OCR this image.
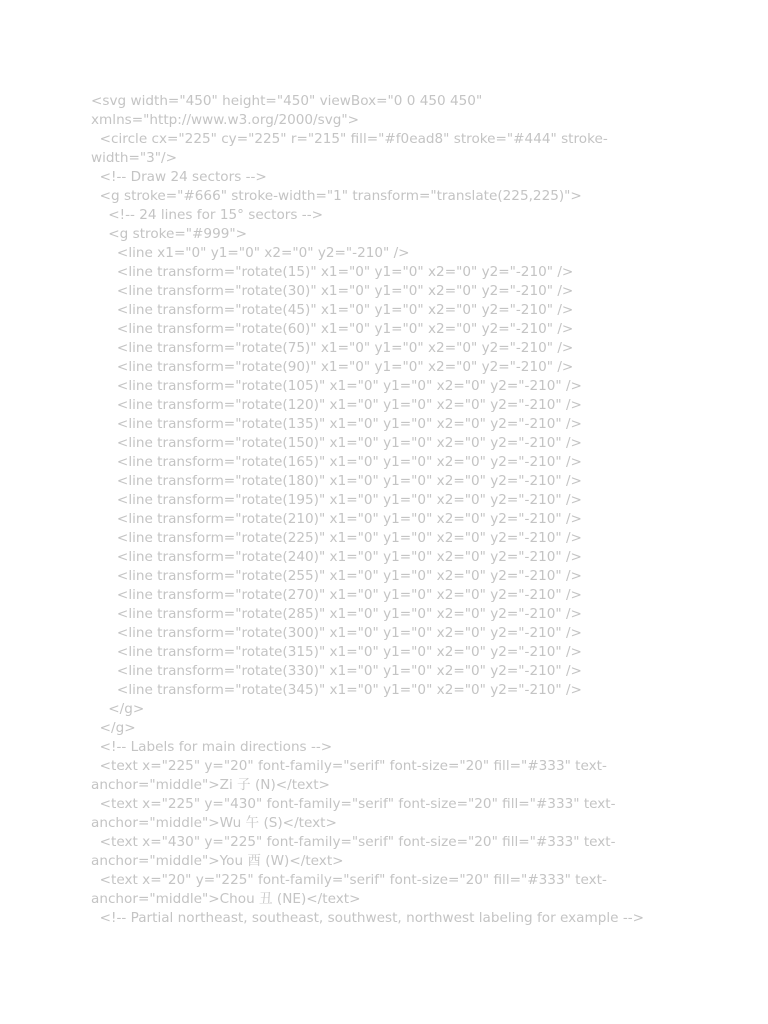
<svg width="450" height="450" viewBox="0 0 450 450"
xmlns="http://www.w3.org/2000/svg">
<circle cx="225" cy="225" r="215" fill="#f0ead8" stroke="#444" stroke-
width="3"/>
<!-- Draw 24 sectors -->
<g stroke="#666" stroke-width="1" transform="translate(225,225)">
<!-- 24 lines for 15° sectors -->
<g stroke="#999">
<line x1="0" y1="0" x2="0" y2="-210" />
<line transform="rotate(15)" x1="0" y1="0" x2="0" y2="-210" />
<line transform="rotate(30)" x1="0" y1="0" x2="0" y2="-210" />
<line transform="rotate(45)" x1="0" y1="0" x2="0" y2="-210" />
<line transform="rotate(60)" x1="0" y1="0" x2="0" y2="-210" />
<line transform="rotate(75)" x1="0" y1="0" x2="0" y2="-210" />
<line transform="rotate(90)" x1="0" y1="0" x2="0" y2="-210" />
<line transform="rotate(105)" x1="0" y1="0" x2="0" y2="-210" />
<line transform="rotate(120)" x1="0" y1="0" x2="0" y2="-210" />
<line transform="rotate(135)" x1="0" y1="0" x2="0" y2="-210" />
<line transform="rotate(150)" x1="0" y1="0" x2="0" y2="-210" />
<line transform="rotate(165)" x1="0" y1="0" x2="0" y2="-210" />
<line transform="rotate(180)" x1="0" y1="0" x2="0" y2="-210" />
<line transform="rotate(195)" x1="0" y1="0" x2="0" y2="-210" />
<line transform="rotate(210)" x1="0" y1="0" x2="0" y2="-210" />
<line transform="rotate(225)" x1="0" y1="0" x2="0" y2="-210" />
<line transform="rotate(240)" x1="0" y1="0" x2="0" y2="-210" />
<line transform="rotate(255)" x1="0" y1="0" x2="0" y2="-210" />
<line transform="rotate(270)" x1="0" y1="0" x2="0" y2="-210" />
<line transform="rotate(285)" x1="0" y1="0" x2="0" y2="-210" />
<line transform="rotate(300)" x1="0" y1="0" x2="0" y2="-210" />
<line transform="rotate(315)" x1="0" y1="0" x2="0" y2="-210" />
<line transform="rotate(330)" x1="0" y1="0" x2="0" y2="-210" />
<line transform="rotate(345)" x1="0" y1="0" x2="0" y2="-210" />
</g>
</g>
<!-- Labels for main directions -->
<text x="225" y="20" font-family="serif" font-size="20" fill="#333" text-
anchor="middle">Zi 子 (N)</text>
<text x="225" y="430" font-family="serif" font-size="20" fill="#333" text-
anchor="middle">Wu 午 (S)</text>
<text x="430" y="225" font-family="serif" font-size="20" fill="#333" text-
anchor="middle">You 酉 (W)</text>
<text x="20" y="225" font-family="serif" font-size="20" fill="#333" text-
anchor="middle">Chou 丑 (NE)</text>
<!-- Partial northeast, southeast, southwest, northwest labeling for example -->
